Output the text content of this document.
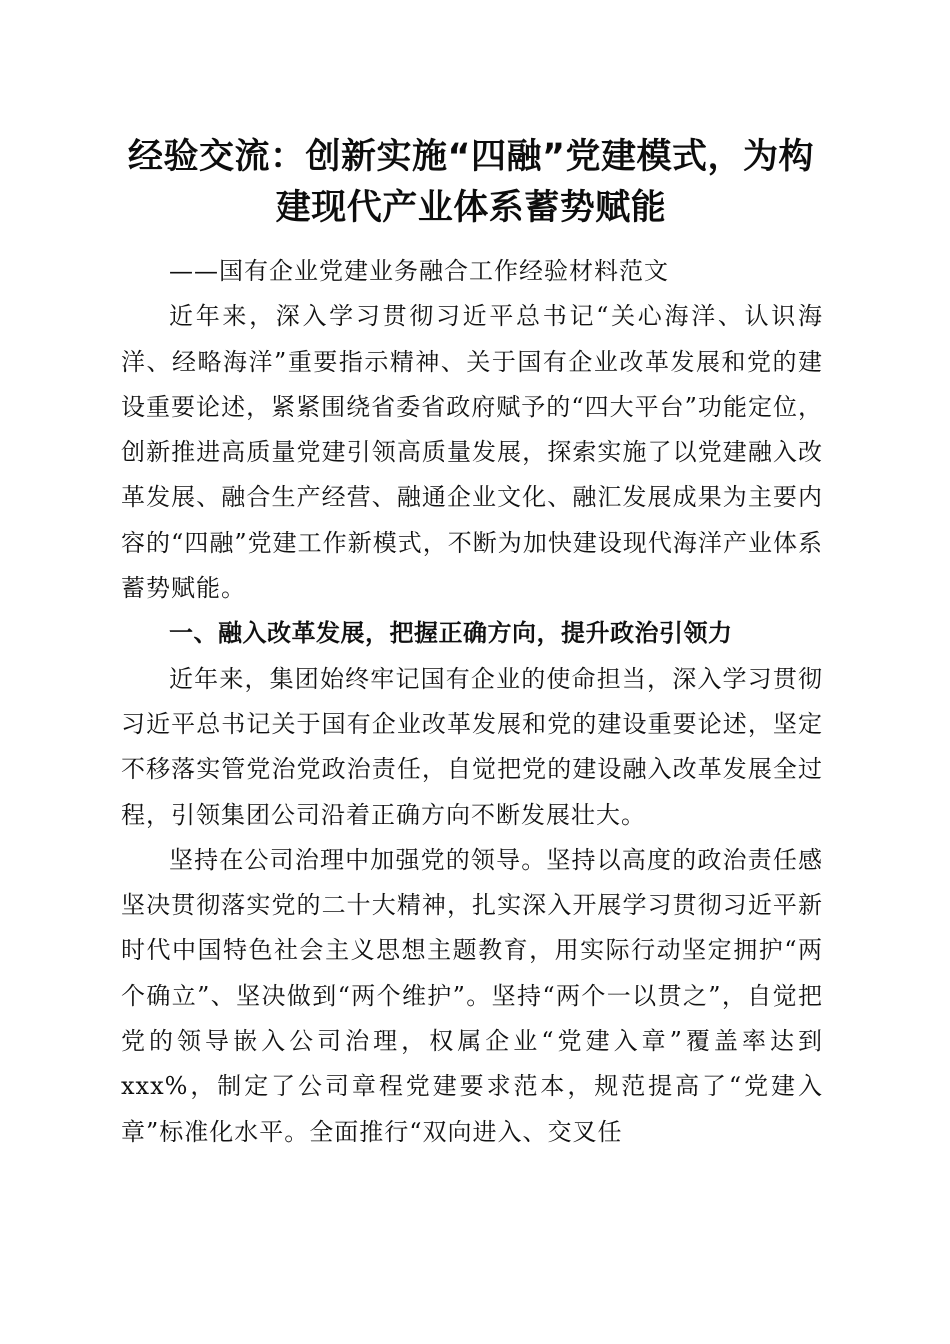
经验交流：创新实施“四融”党建模式，为构
建现代产业体系蓄势赋能

——国有企业党建业务融合工作经验材料范文

近年来，深入学习贯彻习近平总书记“关心海洋、认识海洋、经略海洋”重要指示精神、关于国有企业改革发展和党的建设重要论述，紧紧围绕省委省政府赋予的“四大平台”功能定位，创新推进高质量党建引领高质量发展，探索实施了以党建融入改革发展、融合生产经营、融通企业文化、融汇发展成果为主要内容的“四融”党建工作新模式，不断为加快建设现代海洋产业体系蓄势赋能。

一、融入改革发展，把握正确方向，提升政治引领力

近年来，集团始终牢记国有企业的使命担当，深入学习贯彻习近平总书记关于国有企业改革发展和党的建设重要论述，坚定不移落实管党治党政治责任，自觉把党的建设融入改革发展全过程，引领集团公司沿着正确方向不断发展壮大。

坚持在公司治理中加强党的领导。坚持以高度的政治责任感坚决贯彻落实党的二十大精神，扎实深入开展学习贯彻习近平新时代中国特色社会主义思想主题教育，用实际行动坚定拥护“两个确立”、坚决做到“两个维护”。坚持“两个一以贯之”，自觉把党的领导嵌入公司治理，权属企业“党建入章”覆盖率达到xxx%，制定了公司章程党建要求范本，规范提高了“党建入章”标准化水平。全面推行“双向进入、交叉任
